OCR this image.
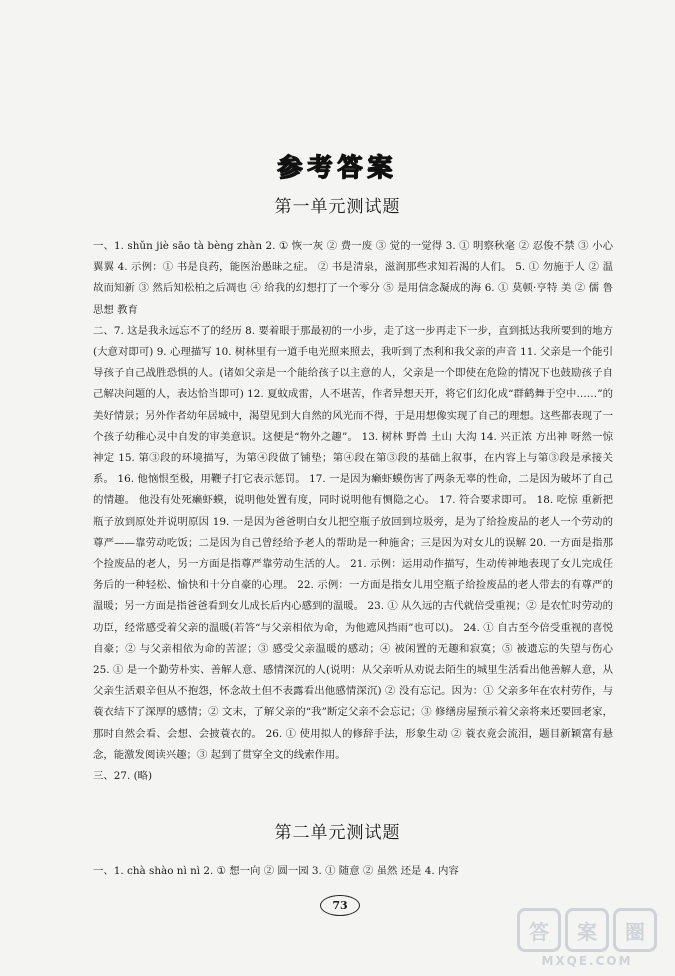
参考答案
第一单元测试题

一、1. shǔn jiè sāo tà bèng zhàn 2. ① 恢一灰 ② 费一废 ③ 觉的一觉得 3. ① 明察秋毫 ② 忍俊不禁 ③ 小心翼翼 4. 示例：① 书是良药，能医治愚昧之症。 ② 书是清泉，滋润那些求知若渴的人们。 5. ① 勿施于人 ② 温故而知新 ③ 然后知松柏之后凋也 ④ 给我的幻想打了一个零分 ⑤ 是用信念凝成的海 6. ① 莫顿·亨特 美 ② 儒 鲁 思想 教育

二、7. 这是我永远忘不了的经历 8. 要着眼于那最初的一小步，走了这一步再走下一步，直到抵达我所要到的地方(大意对即可) 9. 心理描写 10. 树林里有一道手电光照来照去，我听到了杰利和我父亲的声音 11. 父亲是一个能引导孩子自己战胜恐惧的人。(诸如父亲是一个能给孩子以主意的人，父亲是一个即使在危险的情况下也鼓励孩子自己解决问题的人，表达恰当即可) 12. 夏蚊成雷，人不堪苦，作者异想天开，将它们幻化成“群鹤舞于空中……”的美好情景；另外作者幼年居城中，渴望见到大自然的风光而不得，于是用想像实现了自己的理想。这些都表现了一个孩子幼稚心灵中自发的审美意识。这便是“物外之趣”。 13. 树林 野兽 土山 大沟 14. 兴正浓 方出神 呀然一惊 神定 15. 第③段的环境描写，为第④段做了铺垫；第④段在第③段的基础上叙事，在内容上与第③段是承接关系。 16. 他恼恨至极，用鞭子打它表示惩罚。 17. 一是因为癞虾蟆伤害了两条无辜的性命，二是因为破坏了自己的情趣。 他没有处死癞虾蟆，说明他处置有度，同时说明他有恻隐之心。 17. 符合要求即可。 18. 吃惊 重新把瓶子放到原处并说明原因 19. 一是因为爸爸明白女儿把空瓶子放回到垃圾旁，是为了给捡废品的老人一个劳动的尊严——靠劳动吃饭；二是因为自己曾经给予老人的帮助是一种施舍；三是因为对女儿的误解 20. 一方面是指那个捡废品的老人，另一方面是指尊严靠劳动生活的人。 21. 示例：运用动作描写，生动传神地表现了女儿完成任务后的一种轻松、愉快和十分自豪的心理。 22. 示例：一方面是指女儿用空瓶子给捡废品的老人带去的有尊严的温暖；另一方面是指爸爸看到女儿成长后内心感到的温暖。 23. ① 从久远的古代就倍受重视；② 是农忙时劳动的功臣，经常感受着父亲的温暖(若答“与父亲相依为命，为他遮风挡雨”也可以)。 24. ① 自古至今倍受重视的喜悦自豪；② 与父亲相依为命的苦涩；③ 感受父亲温暖的感动；④ 被闲置的无趣和寂寞；⑤ 被遗忘的失望与伤心 25. ① 是一个勤劳朴实、善解人意、感情深沉的人(说明：从父亲听从劝说去陌生的城里生活看出他善解人意，从父亲生活艰辛但从不抱怨，怀念故土但不表露看出他感情深沉) ② 没有忘记。因为：① 父亲多年在农村劳作，与蓑衣结下了深厚的感情；② 文末，了解父亲的“我”断定父亲不会忘记；③ 修缮房屋预示着父亲将来还要回老家，那时自然会看、会想、会披蓑衣的。 26. ① 使用拟人的修辞手法，形象生动 ② 蓑衣竟会流泪，题目新颖富有悬念，能激发阅读兴趣；③ 起到了贯穿全文的线索作用。

三、27. (略)

第二单元测试题
一、1. chà shào nì nì 2. ① 想一向 ② 圆一园 3. ① 随意 ② 虽然 还是 4. 内容
73
答	案	圈
MXQE.COM
